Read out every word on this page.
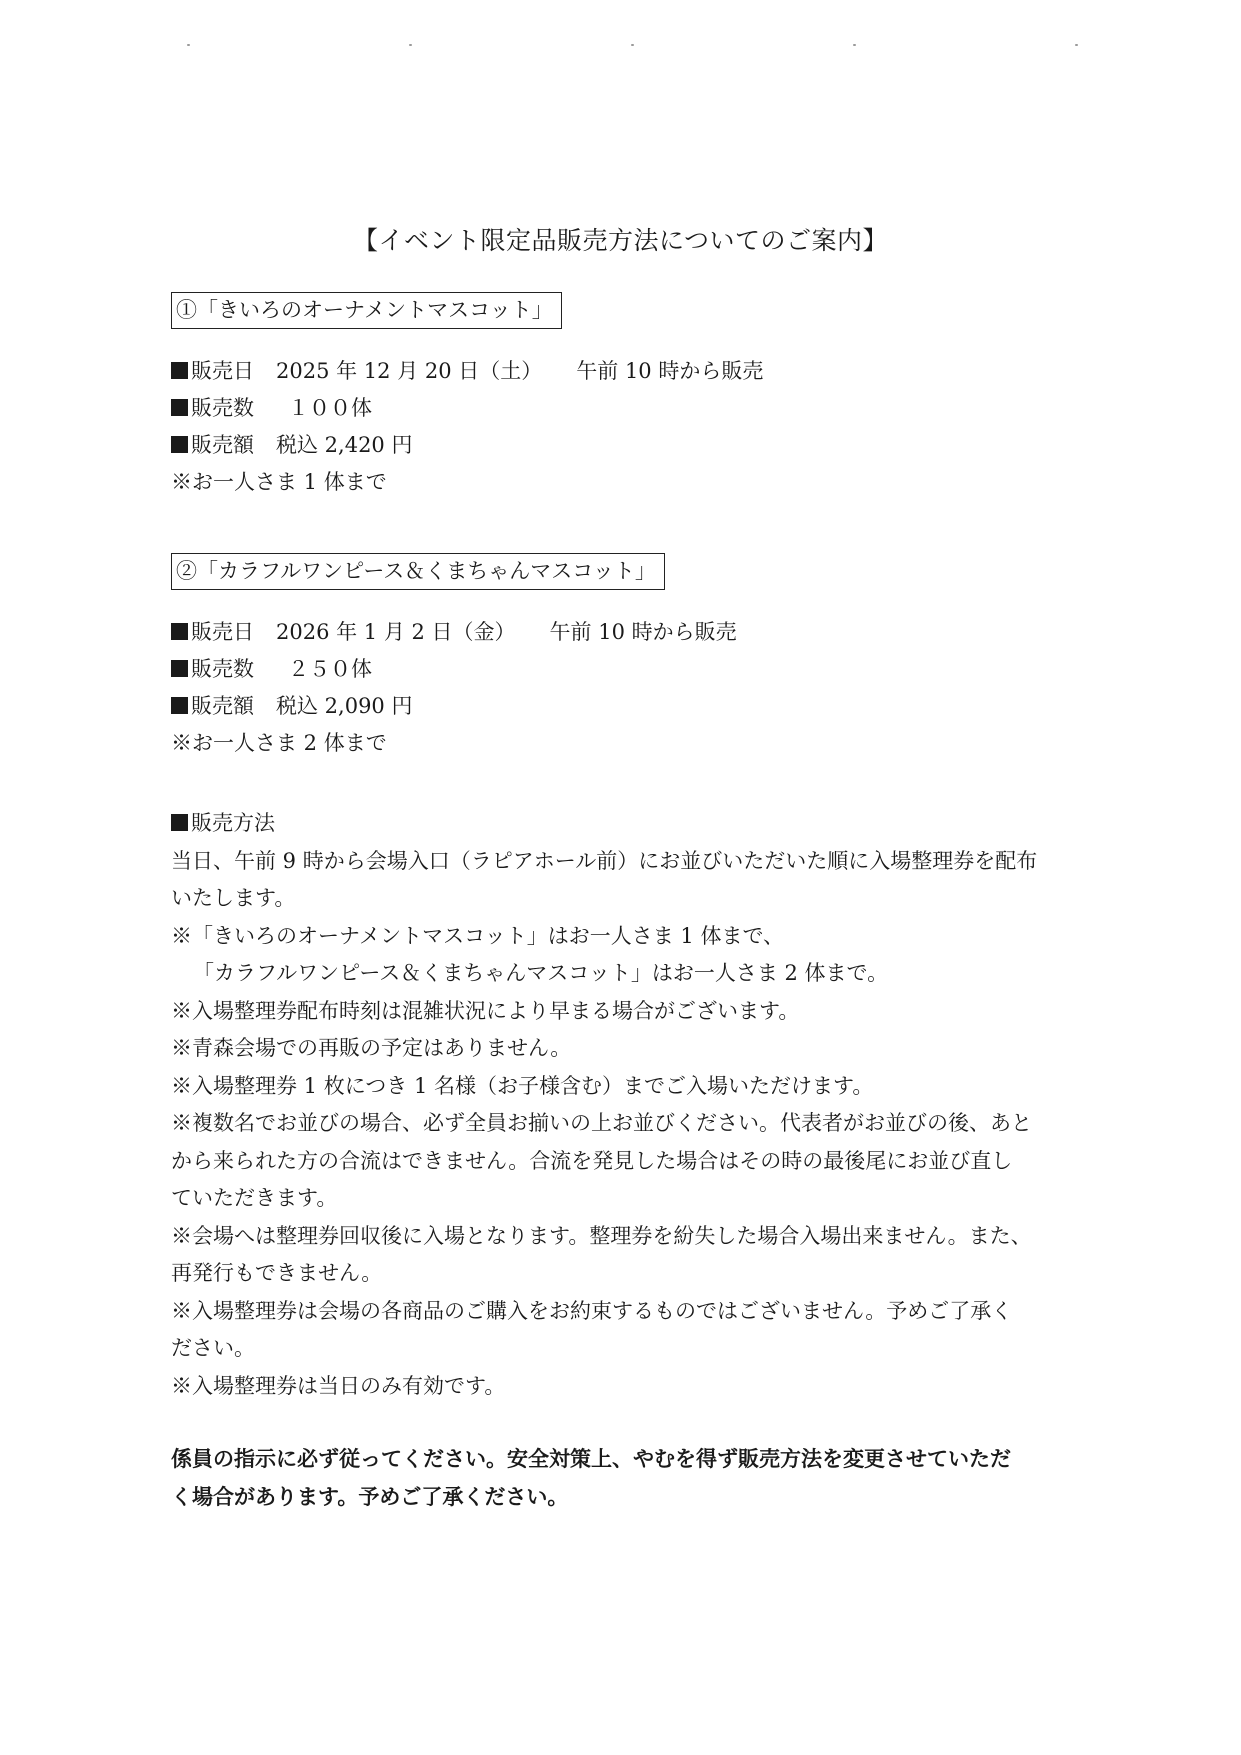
【イベント限定品販売方法についてのご案内】
①「きいろのオーナメントマスコット」
販売日 2025 年 12 月 20 日（土） 午前 10 時から販売
販売数 １００体
販売額 税込 2,420 円
※お一人さま 1 体まで
②「カラフルワンピース＆くまちゃんマスコット」
販売日 2026 年 1 月 2 日（金） 午前 10 時から販売
販売数 ２５０体
販売額 税込 2,090 円
※お一人さま 2 体まで
販売方法
当日、午前 9 時から会場入口（ラピアホール前）にお並びいただいた順に入場整理券を配布
いたします。
※「きいろのオーナメントマスコット」はお一人さま 1 体まで、
「カラフルワンピース＆くまちゃんマスコット」はお一人さま 2 体まで。
※入場整理券配布時刻は混雑状況により早まる場合がございます。
※青森会場での再販の予定はありません。
※入場整理券 1 枚につき 1 名様（お子様含む）までご入場いただけます。
※複数名でお並びの場合、必ず全員お揃いの上お並びください。代表者がお並びの後、あと
から来られた方の合流はできません。合流を発見した場合はその時の最後尾にお並び直し
ていただきます。
※会場へは整理券回収後に入場となります。整理券を紛失した場合入場出来ません。また、
再発行もできません。
※入場整理券は会場の各商品のご購入をお約束するものではございません。予めご了承く
ださい。
※入場整理券は当日のみ有効です。
係員の指示に必ず従ってください。安全対策上、やむを得ず販売方法を変更させていただ
く場合があります。予めご了承ください。
